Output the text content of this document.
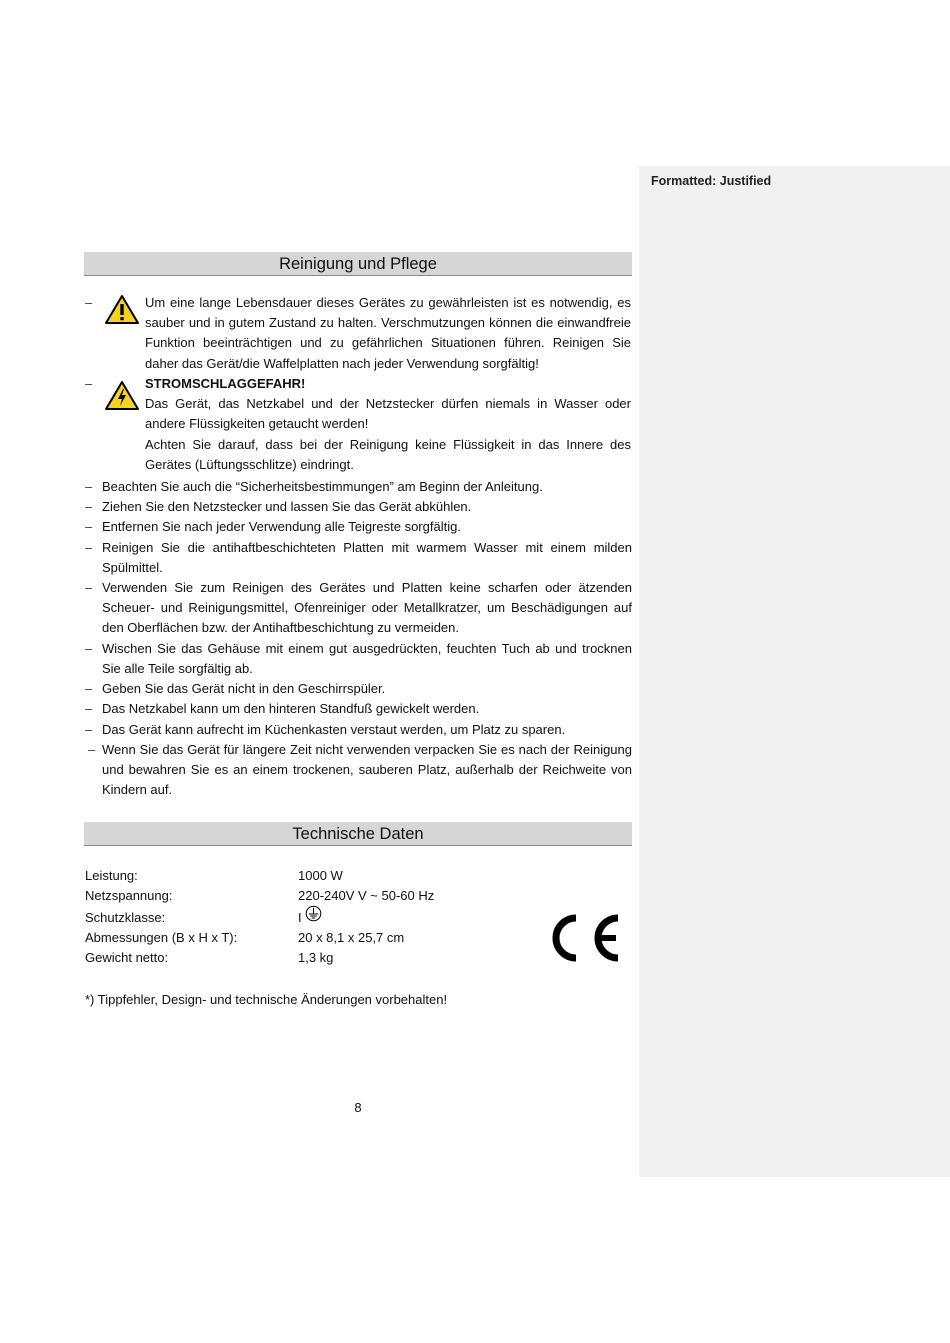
Formatted: Justified
Reinigung und Pflege
–	Um eine lange Lebensdauer dieses Gerätes zu gewährleisten ist es notwendig, es sauber und in gutem Zustand zu halten. Verschmutzungen können die einwandfreie Funktion beeinträchtigen und zu gefährlichen Situationen führen. Reinigen Sie daher das Gerät/die Waffelplatten nach jeder Verwendung sorgfältig!
–	STROMSCHLAGGEFAHR!
Das Gerät, das Netzkabel und der Netzstecker dürfen niemals in Wasser oder andere Flüssigkeiten getaucht werden!
Achten Sie darauf, dass bei der Reinigung keine Flüssigkeit in das Innere des Gerätes (Lüftungsschlitze) eindringt.
– Beachten Sie auch die “Sicherheitsbestimmungen” am Beginn der Anleitung.
– Ziehen Sie den Netzstecker und lassen Sie das Gerät abkühlen.
– Entfernen Sie nach jeder Verwendung alle Teigreste sorgfältig.
– Reinigen Sie die antihaftbeschichteten Platten mit warmem Wasser mit einem milden Spülmittel.
– Verwenden Sie zum Reinigen des Gerätes und Platten keine scharfen oder ätzenden Scheuer- und Reinigungsmittel, Ofenreiniger oder Metallkratzer, um Beschädigungen auf den Oberflächen bzw. der Antihaftbeschichtung zu vermeiden.
– Wischen Sie das Gehäuse mit einem gut ausgedrückten, feuchten Tuch ab und trocknen Sie alle Teile sorgfältig ab.
– Geben Sie das Gerät nicht in den Geschirrspüler.
– Das Netzkabel kann um den hinteren Standfuß gewickelt werden.
– Das Gerät kann aufrecht im Küchenkasten verstaut werden, um Platz zu sparen.
– Wenn Sie das Gerät für längere Zeit nicht verwenden verpacken Sie es nach der Reinigung und bewahren Sie es an einem trockenen, sauberen Platz, außerhalb der Reichweite von Kindern auf.
Technische Daten
Leistung:	1000 W
Netzspannung:	220-240V V ~ 50-60 Hz
Schutzklasse:	I
Abmessungen (B x H x T):	20 x 8,1 x 25,7 cm
Gewicht netto:	1,3 kg
*) Tippfehler, Design- und technische Änderungen vorbehalten!
8
